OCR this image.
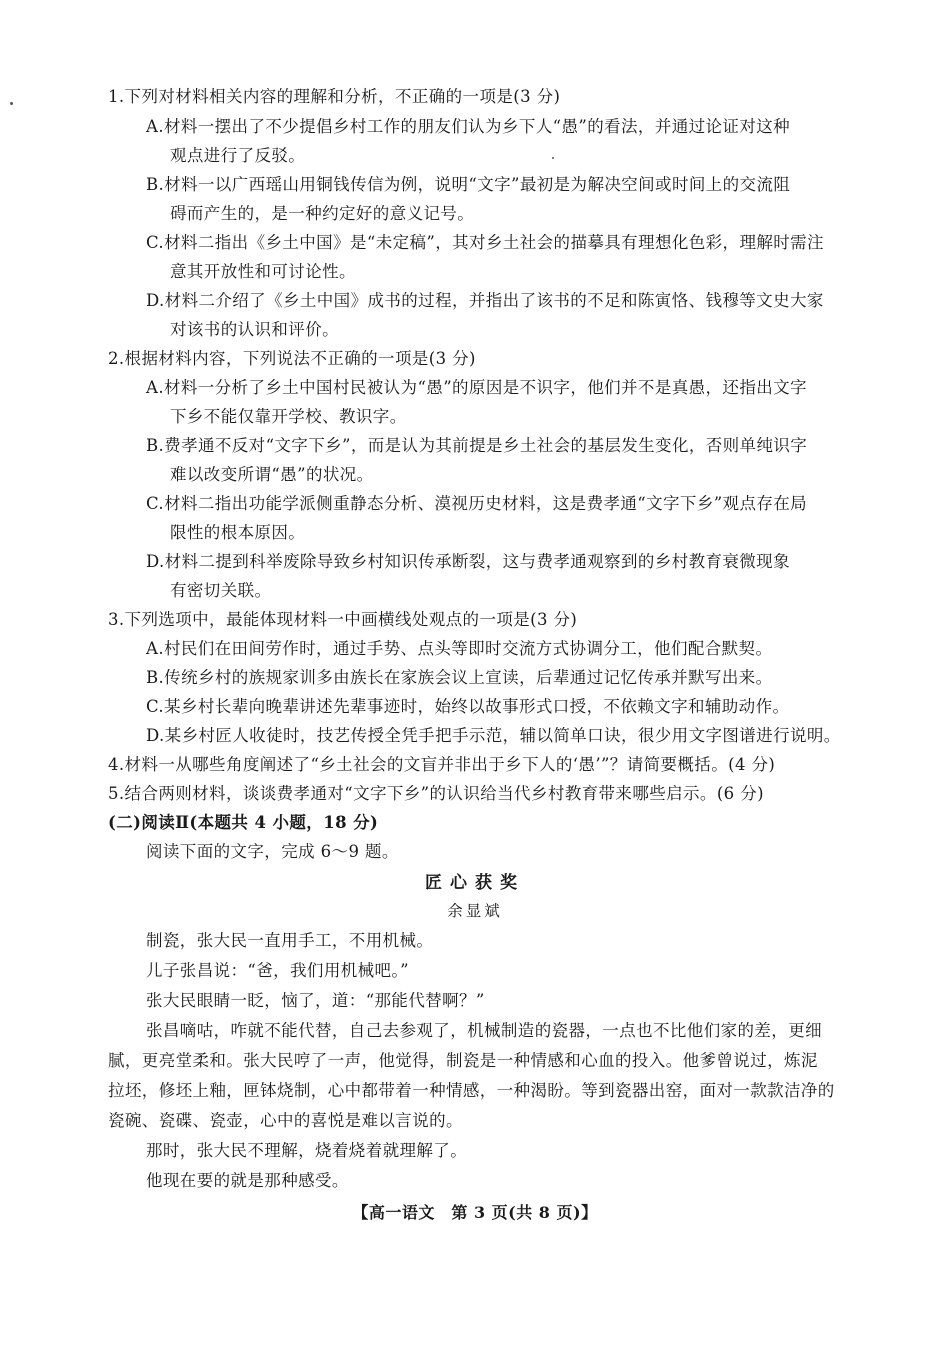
1.下列对材料相关内容的理解和分析，不正确的一项是(3 分)
A.材料一摆出了不少提倡乡村工作的朋友们认为乡下人“愚”的看法，并通过论证对这种
观点进行了反驳。
B.材料一以广西瑶山用铜钱传信为例，说明“文字”最初是为解决空间或时间上的交流阻
碍而产生的，是一种约定好的意义记号。
C.材料二指出《乡土中国》是“未定稿”，其对乡土社会的描摹具有理想化色彩，理解时需注
意其开放性和可讨论性。
D.材料二介绍了《乡土中国》成书的过程，并指出了该书的不足和陈寅恪、钱穆等文史大家
对该书的认识和评价。
2.根据材料内容，下列说法不正确的一项是(3 分)
A.材料一分析了乡土中国村民被认为“愚”的原因是不识字，他们并不是真愚，还指出文字
下乡不能仅靠开学校、教识字。
B.费孝通不反对“文字下乡”，而是认为其前提是乡土社会的基层发生变化，否则单纯识字
难以改变所谓“愚”的状况。
C.材料二指出功能学派侧重静态分析、漠视历史材料，这是费孝通“文字下乡”观点存在局
限性的根本原因。
D.材料二提到科举废除导致乡村知识传承断裂，这与费孝通观察到的乡村教育衰微现象
有密切关联。
3.下列选项中，最能体现材料一中画横线处观点的一项是(3 分)
A.村民们在田间劳作时，通过手势、点头等即时交流方式协调分工，他们配合默契。
B.传统乡村的族规家训多由族长在家族会议上宣读，后辈通过记忆传承并默写出来。
C.某乡村长辈向晚辈讲述先辈事迹时，始终以故事形式口授，不依赖文字和辅助动作。
D.某乡村匠人收徒时，技艺传授全凭手把手示范，辅以简单口诀，很少用文字图谱进行说明。
4.材料一从哪些角度阐述了“乡土社会的文盲并非出于乡下人的‘愚’”？请简要概括。(4 分)
5.结合两则材料，谈谈费孝通对“文字下乡”的认识给当代乡村教育带来哪些启示。(6 分)
(二)阅读Ⅱ(本题共 4 小题，18 分)
阅读下面的文字，完成 6～9 题。
匠心获奖
余显斌
制瓷，张大民一直用手工，不用机械。
儿子张昌说：“爸，我们用机械吧。”
张大民眼睛一眨，恼了，道：“那能代替啊？”
张昌嘀咕，咋就不能代替，自己去参观了，机械制造的瓷器，一点也不比他们家的差，更细
腻，更亮堂柔和。张大民哼了一声，他觉得，制瓷是一种情感和心血的投入。他爹曾说过，炼泥
拉坯，修坯上釉，匣钵烧制，心中都带着一种情感，一种渴盼。等到瓷器出窑，面对一款款洁净的
瓷碗、瓷碟、瓷壶，心中的喜悦是难以言说的。
那时，张大民不理解，烧着烧着就理解了。
他现在要的就是那种感受。
【高一语文　第 3 页(共 8 页)】
